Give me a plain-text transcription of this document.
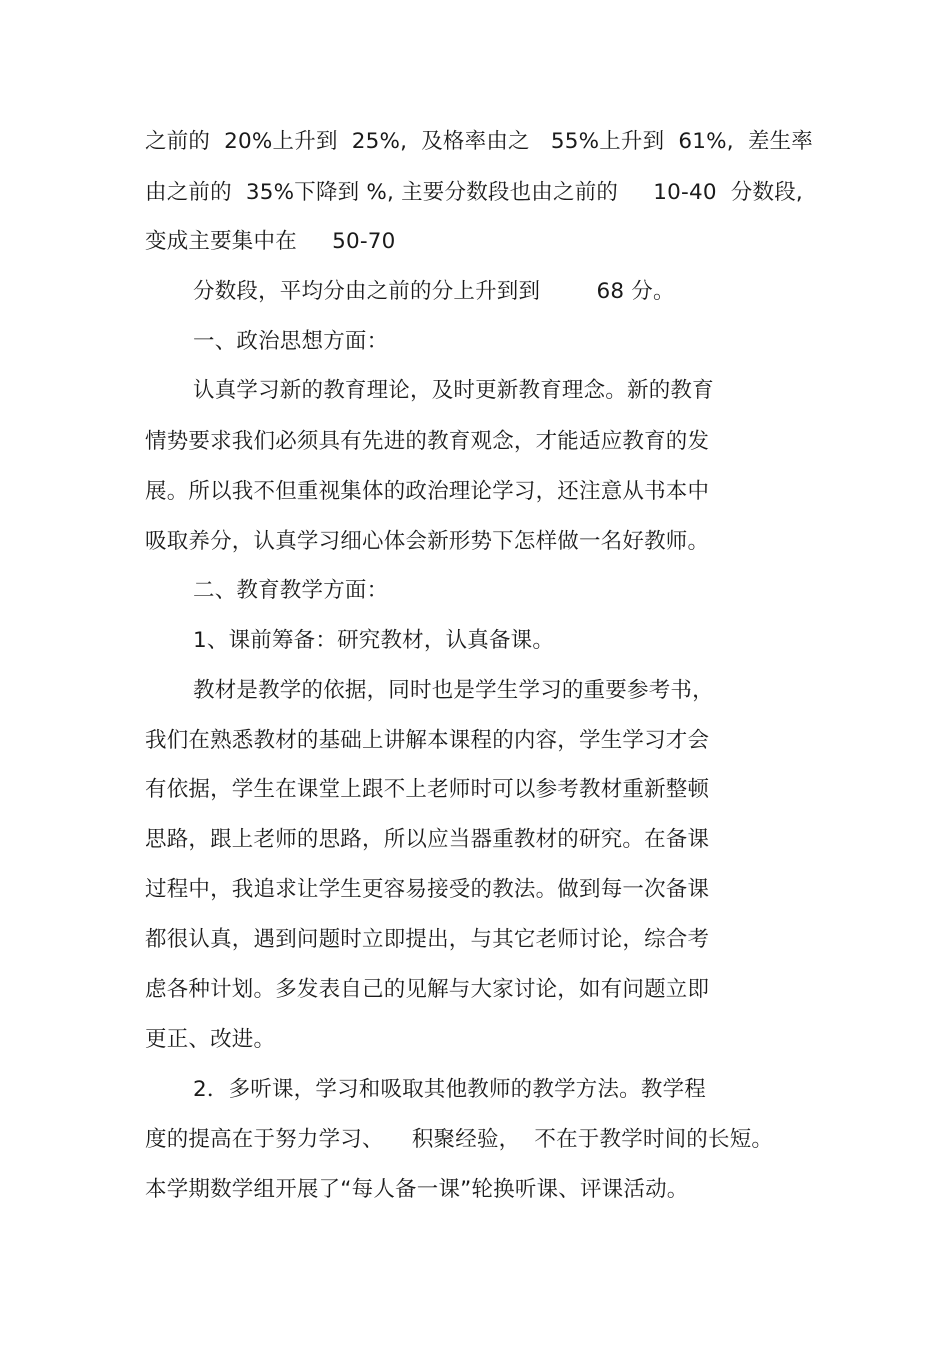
之前的  20%上升到  25%,  及格率由之   55%上升到  61%,  差生率
由之前的  35%下降到 %, 主要分数段也由之前的     10-40  分数段,
变成主要集中在     50-70
分数段，平均分由之前的分上升到到        68 分。
一、政治思想方面：
认真学习新的教育理论，及时更新教育理念。新的教育
情势要求我们必须具有先进的教育观念，才能适应教育的发
展。所以我不但重视集体的政治理论学习，还注意从书本中
吸取养分，认真学习细心体会新形势下怎样做一名好教师。
二、教育教学方面：
1、课前筹备：研究教材，认真备课。
教材是教学的依据，同时也是学生学习的重要参考书，
我们在熟悉教材的基础上讲解本课程的内容，学生学习才会
有依据，学生在课堂上跟不上老师时可以参考教材重新整顿
思路，跟上老师的思路，所以应当器重教材的研究。在备课
过程中，我追求让学生更容易接受的教法。做到每一次备课
都很认真，遇到问题时立即提出，与其它老师讨论，综合考
虑各种计划。多发表自己的见解与大家讨论，如有问题立即
更正、改进。
2．多听课，学习和吸取其他教师的教学方法。教学程
度的提高在于努力学习、    积聚经验，  不在于教学时间的长短。
本学期数学组开展了“每人备一课”轮换听课、评课活动。
